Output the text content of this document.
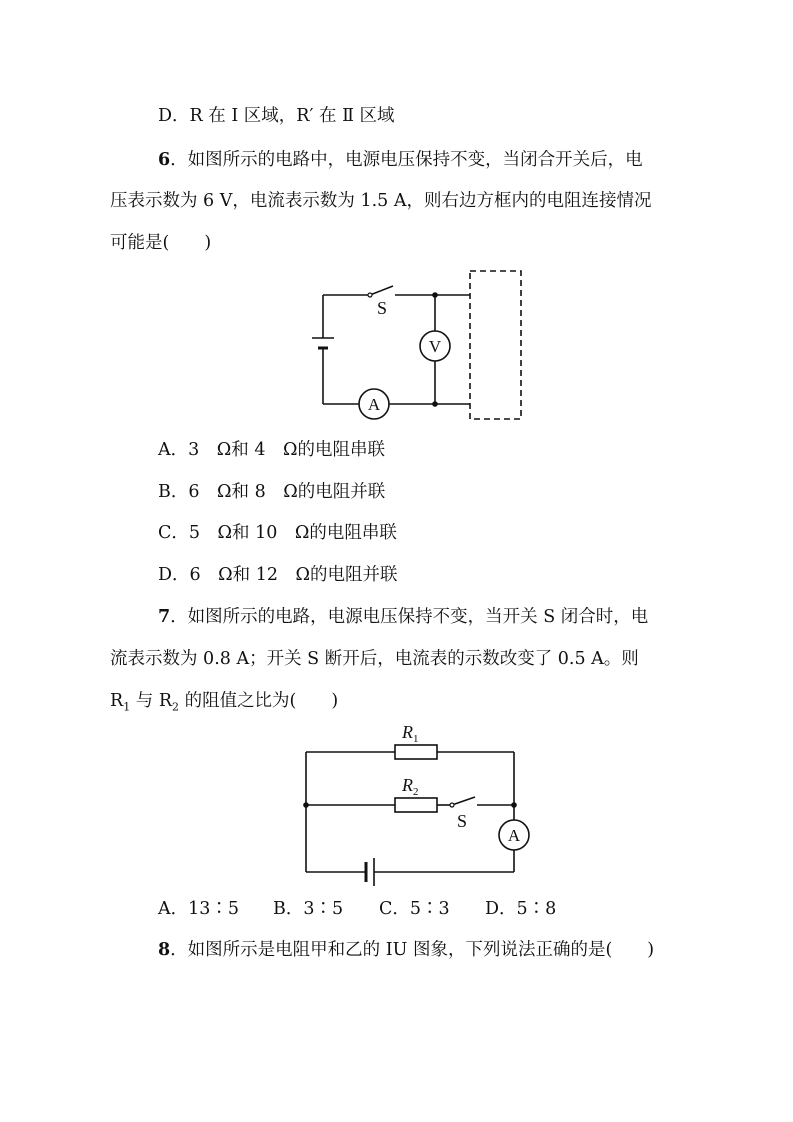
D．R 在 Ⅰ 区域，R′ 在 Ⅱ 区域
6．如图所示的电路中，电源电压保持不变，当闭合开关后，电
压表示数为 6 V，电流表示数为 1.5 A，则右边方框内的电阻连接情况
可能是(　　)
S
V
A
A．3　Ω和 4　Ω的电阻串联
B．6　Ω和 8　Ω的电阻并联
C．5　Ω和 10　Ω的电阻串联
D．6　Ω和 12　Ω的电阻并联
7．如图所示的电路，电源电压保持不变，当开关 S 闭合时，电
流表示数为 0.8 A；开关 S 断开后，电流表的示数改变了 0.5 A。则
$R_1$ 与 $R_2$ 的阻值之比为(　　)
$R_1$
$R_2$
S
A
A．13∶5 B．3∶5 C．5∶3 D．5∶8
8．如图所示是电阻甲和乙的 IU 图象，下列说法正确的是(　　)
